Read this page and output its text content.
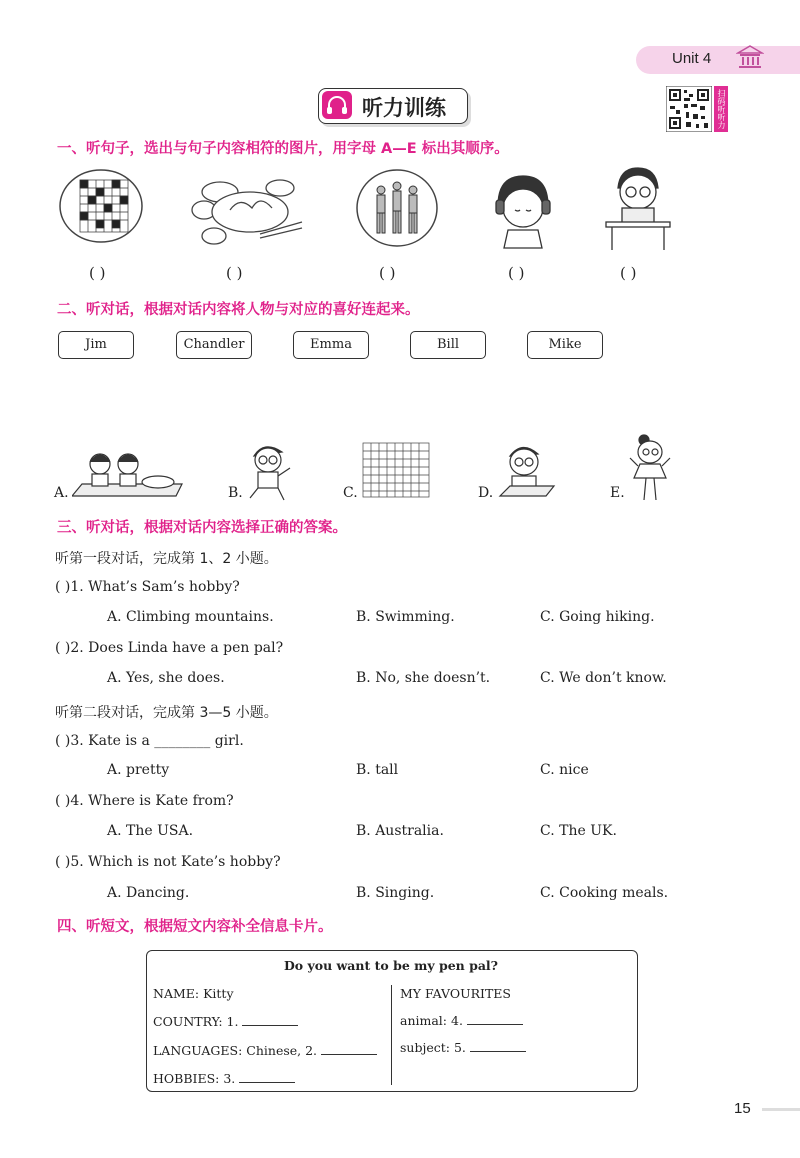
Unit 4
听力训练	扫码听听力
一、听句子，选出与句子内容相符的图片，用字母 A—E 标出其顺序。
( )	( )	( )	( )	( )
二、听对话，根据对话内容将人物与对应的喜好连起来。
Jim	Chandler	Emma	Bill	Mike
A.	B.	C.	D.	E.
三、听对话，根据对话内容选择正确的答案。
听第一段对话，完成第 1、2 小题。
( )1. What’s Sam’s hobby?
A. Climbing mountains.	B. Swimming.	C. Going hiking.
( )2. Does Linda have a pen pal?
A. Yes, she does.	B. No, she doesn’t.	C. We don’t know.
听第二段对话，完成第 3—5 小题。
( )3. Kate is a ________ girl.
A. pretty	B. tall	C. nice
( )4. Where is Kate from?
A. The USA.	B. Australia.	C. The UK.
( )5. Which is not Kate’s hobby?
A. Dancing.	B. Singing.	C. Cooking meals.
四、听短文，根据短文内容补全信息卡片。
Do you want to be my pen pal?
NAME: Kitty
COUNTRY: 1.
LANGUAGES: Chinese, 2.
HOBBIES: 3.
MY FAVOURITES
animal: 4.
subject: 5.
15
